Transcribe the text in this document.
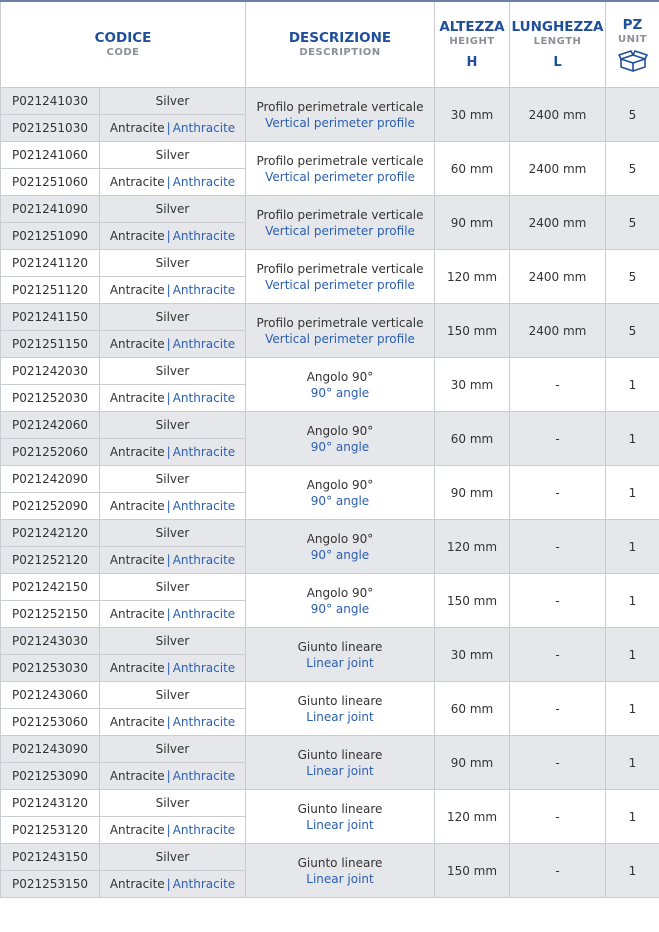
CODICE
CODE		DESCRIZIONE
DESCRIPTION	ALTEZZA
HEIGHT
H	LUNGHEZZA
LENGTH
L	PZ
UNIT

P021241030	Silver	Profilo perimetrale verticale
Vertical perimeter profile	30 mm	2400 mm	5
P021251030	Antracite | Anthracite				
P021241060	Silver	Profilo perimetrale verticale
Vertical perimeter profile	60 mm	2400 mm	5
P021251060	Antracite | Anthracite				
P021241090	Silver	Profilo perimetrale verticale
Vertical perimeter profile	90 mm	2400 mm	5
P021251090	Antracite | Anthracite				
P021241120	Silver	Profilo perimetrale verticale
Vertical perimeter profile	120 mm	2400 mm	5
P021251120	Antracite | Anthracite				
P021241150	Silver	Profilo perimetrale verticale
Vertical perimeter profile	150 mm	2400 mm	5
P021251150	Antracite | Anthracite				
P021242030	Silver	Angolo 90°
90° angle	30 mm	-	1
P021252030	Antracite | Anthracite				
P021242060	Silver	Angolo 90°
90° angle	60 mm	-	1
P021252060	Antracite | Anthracite				
P021242090	Silver	Angolo 90°
90° angle	90 mm	-	1
P021252090	Antracite | Anthracite				
P021242120	Silver	Angolo 90°
90° angle	120 mm	-	1
P021252120	Antracite | Anthracite				
P021242150	Silver	Angolo 90°
90° angle	150 mm	-	1
P021252150	Antracite | Anthracite				
P021243030	Silver	Giunto lineare
Linear joint	30 mm	-	1
P021253030	Antracite | Anthracite				
P021243060	Silver	Giunto lineare
Linear joint	60 mm	-	1
P021253060	Antracite | Anthracite				
P021243090	Silver	Giunto lineare
Linear joint	90 mm	-	1
P021253090	Antracite | Anthracite				
P021243120	Silver	Giunto lineare
Linear joint	120 mm	-	1
P021253120	Antracite | Anthracite				
P021243150	Silver	Giunto lineare
Linear joint	150 mm	-	1
P021253150	Antracite | Anthracite				
